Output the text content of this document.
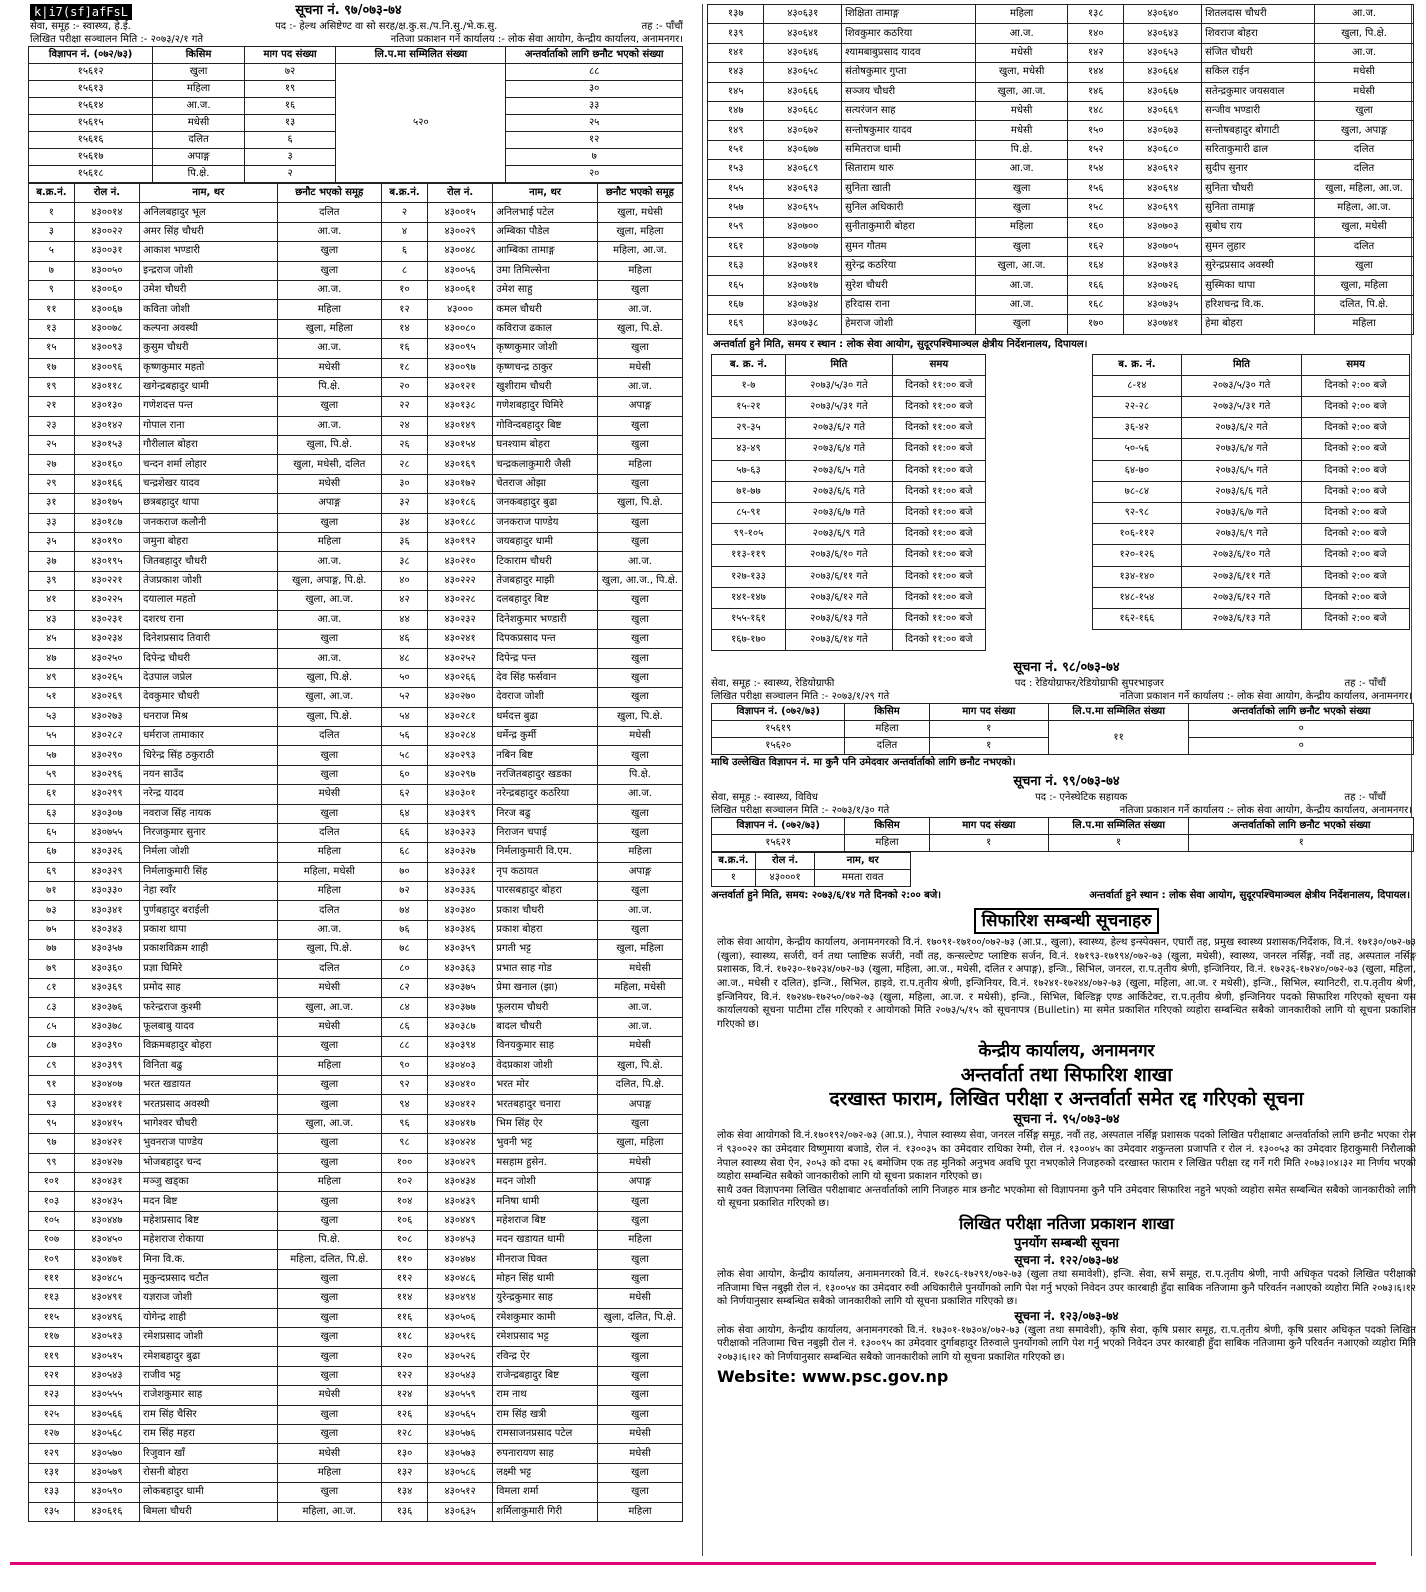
k|i7(sf]afFsL	सूचना नं. ९७/०७३-७४
सेवा, समूह :- स्वास्थ्य, हे.ई.	पद :- हेल्थ असिष्टेण्ट वा सो सरह/क्ष.कु.स./प.नि.सु./भे.क.सु.	तह :- पाँचौं
लिखित परीक्षा सञ्चालन मिति :- २०७३/२/१ गते	नतिजा प्रकाशन गर्ने कार्यालय :- लोक सेवा आयोग, केन्द्रीय कार्यालय, अनामनगर।
विज्ञापन नं. (०७२/७३)	किसिम	माग पद संख्या	लि.प.मा सम्मिलित संख्या	अन्तर्वार्ताको लागि छनौट भएको संख्या
१५६१२	खुला	७२	५२०	८८
१५६१३	महिला	१९		३०
१५६१४	आ.ज.	१६		३३
१५६१५	मधेसी	१३		२५
१५६१६	दलित	६		१२
१५६१७	अपाङ्ग	३		७
१५६१८	पि.क्षे.	२		२०
ब.क्र.नं.	रोल नं.	नाम, थर	छनौट भएको समूह	ब.क्र.नं.	रोल नं.	नाम, थर	छनौट भएको समूह
१	४३००१४	अनिलबहादुर भूल	दलित	२	४३००१५	अनिलभाई पटेल	खुला, मधेसी
३	४३००२२	अमर सिंह चौधरी	आ.ज.	४	४३००२९	अम्बिका पौडेल	खुला, महिला
५	४३००३१	आकाश भण्डारी	खुला	६	४३००४८	आम्बिका तामाङ्ग	महिला, आ.ज.
७	४३००५०	इन्द्रराज जोशी	खुला	८	४३००५६	उमा तिमिल्सेना	महिला
९	४३००६०	उमेश चौधरी	आ.ज.	१०	४३००६१	उमेश साहु	खुला
११	४३००६७	कविता जोशी	महिला	१२	४३०००	कमल चौधरी	आ.ज.
१३	४३००७८	कल्पना अवस्थी	खुला, महिला	१४	४३००८०	कविराज ढकाल	खुला, पि.क्षे.
१५	४३००९३	कुसुम चौधरी	आ.ज.	१६	४३००९५	कृष्णकुमार जोशी	खुला
१७	४३००९६	कृष्णकुमार महतो	मधेसी	१८	४३००९७	कृष्णचन्द्र ठाकुर	मधेसी
१९	४३०११८	खगेन्द्रबहादुर धामी	पि.क्षे.	२०	४३०१२१	खुशीराम चौधरी	आ.ज.
२१	४३०१३०	गणेशदत्त पन्त	खुला	२२	४३०१३८	गणेशबहादुर घिमिरे	अपाङ्ग
२३	४३०१४२	गोपाल राना	आ.ज.	२४	४३०१४९	गोविन्दबहादुर बिष्ट	खुला
२५	४३०१५३	गौरीलाल बोहरा	खुला, पि.क्षे.	२६	४३०१५४	घनश्याम बोहरा	खुला
२७	४३०१६०	चन्दन शर्मा लोहार	खुला, मधेसी, दलित	२८	४३०१६९	चन्द्रकलाकुमारी जैसी	महिला
२९	४३०१६६	चन्द्रशेखर यादव	मधेसी	३०	४३०१७२	चेतराज ओझा	खुला
३१	४३०१७५	छत्रबहादुर थापा	अपाङ्ग	३२	४३०१८६	जनकबहादुर बुढा	खुला, पि.क्षे.
३३	४३०१८७	जनकराज कलौनी	खुला	३४	४३०१८८	जनकराज पाण्डेय	खुला
३५	४३०१९०	जमुना बोहरा	महिला	३६	४३०१९२	जयबहादुर धामी	खुला
३७	४३०१९५	जितबहादुर चौधरी	आ.ज.	३८	४३०२१०	टिकाराम चौधरी	आ.ज.
३९	४३०२२१	तेजप्रकाश जोशी	खुला, अपाङ्ग, पि.क्षे.	४०	४३०२२२	तेजबहादुर माझी	खुला, आ.ज., पि.क्षे.
४१	४३०२२५	दयालाल महतो	खुला, आ.ज.	४२	४३०२२८	दलबहादुर बिष्ट	खुला
४३	४३०२३१	दशरथ राना	आ.ज.	४४	४३०२३२	दिनेशकुमार भण्डारी	खुला
४५	४३०२३४	दिनेशप्रसाद तिवारी	खुला	४६	४३०२४१	दिपकप्रसाद पन्त	खुला
४७	४३०२५०	दिपेन्द्र चौधरी	आ.ज.	४८	४३०२५२	दिपेन्द्र पन्त	खुला
४९	४३०२६५	देउपाल जप्रेल	खुला, पि.क्षे.	५०	४३०२६६	देव सिंह फर्सवान	खुला
५१	४३०२६९	देवकुमार चौधरी	खुला, आ.ज.	५२	४३०२७०	देवराज जोशी	खुला
५३	४३०२७३	धनराज मिश्र	खुला, पि.क्षे.	५४	४३०२८१	धर्मदत्त बुढा	खुला, पि.क्षे.
५५	४३०२८२	धर्मराज तामाकार	दलित	५६	४३०२८४	धर्मेन्द्र कुर्मी	मधेसी
५७	४३०२९०	धिरेन्द्र सिंह ठकुराठी	खुला	५८	४३०२९३	नबिन बिष्ट	खुला
५९	४३०२९६	नयन साउँद	खुला	६०	४३०२९७	नरजितबहादुर खडका	पि.क्षे.
६१	४३०२९९	नरेन्द्र यादव	मधेसी	६२	४३०३०१	नरेन्द्रबहादुर कठरिया	आ.ज.
६३	४३०३०७	नवराज सिंह नायक	खुला	६४	४३०३१९	निरज बढु	खुला
६५	४३०७५५	निरजकुमार सुनार	दलित	६६	४३०३२३	निराजन चपाई	खुला
६७	४३०३२६	निर्मला जोशी	महिला	६८	४३०३२७	निर्मलाकुमारी वि.एम.	महिला
६९	४३०३२९	निर्मलाकुमारी सिंह	महिला, मधेसी	७०	४३०३३१	नृप कठायत	अपाङ्ग
७१	४३०३३०	नेहा स्वाँर	महिला	७२	४३०३३६	पारसबहादुर बोहरा	खुला
७३	४३०३४१	पुर्णबहादुर बराईली	दलित	७४	४३०३४०	प्रकाश चौधरी	आ.ज.
७५	४३०३४३	प्रकाश थापा	आ.ज.	७६	४३०३४६	प्रकाश बोहरा	खुला
७७	४३०३५७	प्रकाशविक्रम शाही	खुला, पि.क्षे.	७८	४३०३५९	प्रगती भट्ट	खुला, महिला
७९	४३०३६०	प्रज्ञा घिमिरे	दलित	८०	४३०३६३	प्रभात साह गोड	मधेसी
८१	४३०३६९	प्रमोद साह	मधेसी	८२	४३०३७५	प्रेमा खनाल (झा)	महिला, मधेसी
८३	४३०३७६	फरेन्द्रराज कुश्मी	खुला, आ.ज.	८४	४३०३७७	फूलराम चौधरी	आ.ज.
८५	४३०३७८	फूलबाबु यादव	मधेसी	८६	४३०३८७	बादल चौधरी	आ.ज.
८७	४३०३९०	विक्रमबहादुर बोहरा	खुला	८८	४३०३९४	विनयकुमार साह	मधेसी
८९	४३०३९९	विनिता बढु	महिला	९०	४३०४०३	वेदप्रकाश जोशी	खुला, पि.क्षे.
९१	४३०४०७	भरत खडायत	खुला	९२	४३०४१०	भरत मोर	दलित, पि.क्षे.
९३	४३०४११	भरतप्रसाद अवस्थी	खुला	९४	४३०४१२	भरतबहादुर चनारा	अपाङ्ग
९५	४३०४१५	भागेश्वर चौधरी	खुला, आ.ज.	९६	४३०४१७	भिम सिंह ऐर	खुला
९७	४३०४२१	भुवनराज पाण्डेय	खुला	९८	४३०४२४	भुवनी भट्ट	खुला, महिला
९९	४३०४२७	भोजबहादुर चन्द	खुला	१००	४३०४२९	मसहाम हुसेन.	मधेसी
१०१	४३०४३१	मञ्जु खड्का	महिला	१०२	४३०४३४	मदन जोशी	अपाङ्ग
१०३	४३०४३५	मदन बिष्ट	खुला	१०४	४३०४३९	मनिषा धामी	खुला
१०५	४३०४४७	महेशप्रसाद बिष्ट	खुला	१०६	४३०४४९	महेशराज बिष्ट	खुला
१०७	४३०४५०	महेशराज रोकाया	पि.क्षे.	१०८	४३०४५३	मदन खडायत धामी	महिला
१०९	४३०४७१	मिना वि.क.	महिला, दलित, पि.क्षे.	११०	४३०४७४	मीनराज घिक्त	खुला
१११	४३०४८५	मुकुन्दप्रसाद चटौत	खुला	११२	४३०४८६	मोहन सिंह धामी	खुला
११३	४३०४९१	यज्ञराज जोशी	खुला	११४	४३०४९४	युरेन्द्रकुमार साह	मधेसी
११५	४३०४९६	योगेन्द्र शाही	खुला	११६	४३०५०६	रमेशकुमार कामी	खुला, दलित, पि.क्षे.
११७	४३०५१३	रमेशप्रसाद जोशी	खुला	११८	४३०५१६	रमेशप्रसाद भट्ट	खुला
११९	४३०५१५	रमेशबहादुर बुढा	खुला	१२०	४३०५२६	रविन्द्र ऐर	खुला
१२१	४३०५४३	राजीव भट्ट	खुला	१२२	४३०५४३	राजेन्द्रबहादुर बिष्ट	खुला
१२३	४३०५५५	राजेशकुमार साह	मधेसी	१२४	४३०५५९	राम नाथ	खुला
१२५	४३०५६६	राम सिंह चैसिर	खुला	१२६	४३०५६५	राम सिंह खत्री	खुला
१२७	४३०५६८	राम सिंह महरा	खुला	१२८	४३०५७६	रामसाजनप्रसाद पटेल	मधेसी
१२९	४३०५७०	रिजुवान खाँ	मधेसी	१३०	४३०५७३	रुपनारायण साह	मधेसी
१३१	४३०५७९	रोसनी बोहरा	महिला	१३२	४३०५८६	लक्ष्मी भट्ट	खुला
१३३	४३०५९०	लोकबहादुर धामी	खुला	१३४	४३०५१२	विमला शर्मा	खुला
१३५	४३०६१६	बिमला चौधरी	महिला, आ.ज.	१३६	४३०६३५	शर्मिलाकुमारी गिरी	महिला
१३७	४३०६३१	शिक्षिता तामाङ्ग	महिला	१३८	४३०६४०	शितलदास चौधरी	आ.ज.
१३९	४३०६४१	शिवकुमार कठरिया	आ.ज.	१४०	४३०६४३	शिवराज बोहरा	खुला, पि.क्षे.
१४१	४३०६४६	श्यामबाबुप्रसाद यादव	मधेसी	१४२	४३०६५३	संजित चौधरी	आ.ज.
१४३	४३०६५८	संतोषकुमार गुप्ता	खुला, मधेसी	१४४	४३०६६४	सकिल राईन	मधेसी
१४५	४३०६६६	सञ्जय चौधरी	खुला, आ.ज.	१४६	४३०६६७	सतेन्द्रकुमार जयसवाल	मधेसी
१४७	४३०६६८	सत्यरंजन साह	मधेसी	१४८	४३०६६९	सन्जीव भण्डारी	खुला
१४९	४३०६७२	सन्तोषकुमार यादव	मधेसी	१५०	४३०६७३	सन्तोषबहादुर बोगाटी	खुला, अपाङ्ग
१५१	४३०६७७	समितराज धामी	पि.क्षे.	१५२	४३०६८०	सरिताकुमारी ढाल	दलित
१५३	४३०६८९	सिताराम थारु	आ.ज.	१५४	४३०६९२	सुदीप सुनार	दलित
१५५	४३०६९३	सुनिता खाती	खुला	१५६	४३०६९४	सुनिता चौधरी	खुला, महिला, आ.ज.
१५७	४३०६९५	सुनिल अधिकारी	खुला	१५८	४३०६९९	सुनिता तामाङ्ग	महिला, आ.ज.
१५९	४३०७००	सुनीताकुमारी बोहरा	महिला	१६०	४३०७०३	सुबोध राय	खुला, मधेसी
१६१	४३०७०७	सुमन गौतम	खुला	१६२	४३०७०५	सुमन लुहार	दलित
१६३	४३०७११	सुरेन्द्र कठरिया	खुला, आ.ज.	१६४	४३०७१३	सुरेन्द्रप्रसाद अवस्थी	खुला
१६५	४३०७१७	सुरेश चौधरी	आ.ज.	१६६	४३०७२६	सुस्मिका थापा	खुला, महिला
१६७	४३०७३४	हरिदास राना	आ.ज.	१६८	४३०७३५	हरिशचन्द्र वि.क.	दलित, पि.क्षे.
१६९	४३०७३८	हेमराज जोशी	खुला	१७०	४३०७४१	हेमा बोहरा	महिला
अन्तर्वार्ता हुने मिति, समय र स्थान : लोक सेवा आयोग, सुदूरपश्चिमाञ्चल क्षेत्रीय निर्देशनालय, दिपायल।
ब. क्र. नं.	मिति	समय
१-७	२०७३/५/३० गते	दिनको ११:०० बजे
१५-२१	२०७३/५/३१ गते	दिनको ११:०० बजे
२९-३५	२०७३/६/२ गते	दिनको ११:०० बजे
४३-४९	२०७३/६/४ गते	दिनको ११:०० बजे
५७-६३	२०७३/६/५ गते	दिनको ११:०० बजे
७१-७७	२०७३/६/६ गते	दिनको ११:०० बजे
८५-९१	२०७३/६/७ गते	दिनको ११:०० बजे
९९-१०५	२०७३/६/९ गते	दिनको ११:०० बजे
११३-११९	२०७३/६/१० गते	दिनको ११:०० बजे
१२७-१३३	२०७३/६/११ गते	दिनको ११:०० बजे
१४१-१४७	२०७३/६/१२ गते	दिनको ११:०० बजे
१५५-१६१	२०७३/६/१३ गते	दिनको ११:०० बजे
१६७-१७०	२०७३/६/१४ गते	दिनको ११:०० बजे
ब. क्र. नं.	मिति	समय
८-१४	२०७३/५/३० गते	दिनको २:०० बजे
२२-२८	२०७३/५/३१ गते	दिनको २:०० बजे
३६-४२	२०७३/६/२ गते	दिनको २:०० बजे
५०-५६	२०७३/६/४ गते	दिनको २:०० बजे
६४-७०	२०७३/६/५ गते	दिनको २:०० बजे
७८-८४	२०७३/६/६ गते	दिनको २:०० बजे
९२-९८	२०७३/६/७ गते	दिनको २:०० बजे
१०६-११२	२०७३/६/९ गते	दिनको २:०० बजे
१२०-१२६	२०७३/६/१० गते	दिनको २:०० बजे
१३४-१४०	२०७३/६/११ गते	दिनको २:०० बजे
१४८-१५४	२०७३/६/१२ गते	दिनको २:०० बजे
१६२-१६६	२०७३/६/१३ गते	दिनको २:०० बजे
सूचना नं. ९८/०७३-७४
सेवा, समूह :- स्वास्थ्य, रेडियोग्राफी	पद : रेडियोग्राफर/रेडियोग्राफी सुपरभाइजर	तह :- पाँचौं
लिखित परीक्षा सञ्चालन मिति :- २०७३/१/२९ गते	नतिजा प्रकाशन गर्ने कार्यालय :- लोक सेवा आयोग, केन्द्रीय कार्यालय, अनामनगर।
विज्ञापन नं. (०७२/७३)	किसिम	माग पद संख्या	लि.प.मा सम्मिलित संख्या	अन्तर्वार्ताको लागि छनौट भएको संख्या
१५६१९	महिला	१	११	०
१५६२०	दलित	१		०
माथि उल्लेखित विज्ञापन नं. मा कुनै पनि उमेदवार अन्तर्वार्ताको लागि छनौट नभएको।
सूचना नं. ९९/०७३-७४
सेवा, समूह :- स्वास्थ्य, विविध	पद :- एनेस्थेटिक सहायक	तह :- पाँचौं
लिखित परीक्षा सञ्चालन मिति :- २०७३/१/३० गते	नतिजा प्रकाशन गर्ने कार्यालय :- लोक सेवा आयोग, केन्द्रीय कार्यालय, अनामनगर।
विज्ञापन नं. (०७२/७३)	किसिम	माग पद संख्या	लि.प.मा सम्मिलित संख्या	अन्तर्वार्ताको लागि छनौट भएको संख्या
१५६२१	महिला	१	१	१
ब.क्र.नं.	रोल नं.	नाम, थर
१	४३०००१	ममता रावत
अन्तर्वार्ता हुने मिति, समय: २०७३/६/१४ गते दिनको २:०० बजे।	अन्तर्वार्ता हुने स्थान : लोक सेवा आयोग, सुदूरपश्चिमाञ्चल क्षेत्रीय निर्देशनालय, दिपायल।
सिफारिश सम्बन्धी सूचनाहरु
लोक सेवा आयोग, केन्द्रीय कार्यालय, अनामनगरको वि.नं. १७०९१-१७१००/०७२-७३ (आ.प्र., खुला), स्वास्थ्य, हेल्थ इन्स्पेक्सन, एघारौं तह, प्रमुख स्वास्थ्य प्रशासक/निर्देशक, वि.नं. १७१३०/०७२-७३ (खुला), स्वास्थ्य, सर्जरी, वर्न तथा प्लाष्टिक सर्जरी, नवौं तह, कन्सल्टेण्ट प्लाष्टिक सर्जन, वि.नं. १७१९३-१७१९४/०७२-७३ (खुला, मधेसी), स्वास्थ्य, जनरल नर्सिङ्ग, नवौं तह, अस्पताल नर्सिङ्ग प्रशासक, वि.नं. १७२३०-१७२३४/०७२-७३ (खुला, महिला, आ.ज., मधेसी, दलित र अपाङ्ग), इन्जि., सिभिल, जनरल, रा.प.तृतीय श्रेणी, इन्जिनियर, वि.नं. १७२३६-१७२४०/०७२-७३ (खुला, महिला, आ.ज., मधेसी र दलित), इन्जि., सिभिल, हाइवे, रा.प.तृतीय श्रेणी, इन्जिनियर, वि.नं. १७२४१-१७२४४/०७२-७३ (खुला, महिला, आ.ज. र मधेसी), इन्जि., सिभिल, स्यानिटरी, रा.प.तृतीय श्रेणी, इन्जिनियर, वि.नं. १७२४७-१७२५०/०७२-७३ (खुला, महिला, आ.ज. र मधेसी), इन्जि., सिभिल, बिल्डिङ्ग एण्ड आर्किटेक्ट, रा.प.तृतीय श्रेणी, इन्जिनियर पदको सिफारिश गरिएको सूचना यस कार्यालयको सूचना पाटीमा टाँस गरिएको र आयोगको मिति २०७३/५/१५ को सूचनापत्र (Bulletin) मा समेत प्रकाशित गरिएको व्यहोरा सम्बन्धित सबैको जानकारीको लागि यो सूचना प्रकाशित गरिएको छ।
केन्द्रीय कार्यालय, अनामनगर
अन्तर्वार्ता तथा सिफारिश शाखा
दरखास्त फाराम, लिखित परीक्षा र अन्तर्वार्ता समेत रद्द गरिएको सूचना
सूचना नं. ९५/०७३-७४
लोक सेवा आयोगको वि.नं.१७०१९२/०७२-७३ (आ.प्र.), नेपाल स्वास्थ्य सेवा, जनरल नर्सिङ्ग समूह, नवौं तह, अस्पताल नर्सिङ्ग प्रशासक पदको लिखित परीक्षाबाट अन्तर्वार्ताको लागि छनौट भएका रोल नं ९३००२२ का उमेदवार विष्णुमाया बजाडे, रोल नं. १३००३५ का उमेदवार राधिका रेग्मी, रोल नं. १३००४५ का उमेदवार शकुन्तला प्रजापति र रोल नं. १३००५३ का उमेदवार हिराकुमारी निरौलाको नेपाल स्वास्थ्य सेवा ऐन, २०५३ को दफा २६ बमोजिम एक तह मुनिको अनुभव अवधि पूरा नभएकोले निजहरुको दरखास्त फाराम र लिखित परीक्षा रद्द गर्ने गरी मिति २०७३।०४।३२ मा निर्णय भएको व्यहोरा सम्बन्धित सबैको जानकारीको लागि यो सूचना प्रकाशन गरिएको छ।
साथै उक्त विज्ञापनमा लिखित परीक्षाबाट अन्तर्वार्ताको लागि निजहरु मात्र छनौट भएकोमा सो विज्ञापनमा कुनै पनि उमेदवार सिफारिश नहुने भएको व्यहोरा समेत सम्बन्धित सबैको जानकारीको लागि यो सूचना प्रकाशित गरिएको छ।
लिखित परीक्षा नतिजा प्रकाशन शाखा
पुनर्योग सम्बन्धी सूचना
सूचना नं. १२२/०७३-७४
लोक सेवा आयोग, केन्द्रीय कार्यालय, अनामनगरको वि.नं. १७२८६-१७२९१/०७२-७३ (खुला तथा समावेशी), इन्जि. सेवा, सर्भे समूह, रा.प.तृतीय श्रेणी, नापी अधिकृत पदको लिखित परीक्षाको नतिजामा चित्त नबुझी रोल नं. १३००५४ का उमेदवार रुवी अधिकारीले पुनर्योगको लागि पेश गर्नु भएको निवेदन उपर कारबाही हुँदा साबिक नतिजामा कुनै परिवर्तन नआएको व्यहोरा मिति २०७३।६।१२ को निर्णयानुसार सम्बन्धित सबैको जानकारीको लागि यो सूचना प्रकाशित गरिएको छ।
सूचना नं. १२३/०७३-७४
लोक सेवा आयोग, केन्द्रीय कार्यालय, अनामनगरको वि.नं. १७३०१-१७३०४/०७२-७३ (खुला तथा समावेशी), कृषि सेवा, कृषि प्रसार समूह, रा.प.तृतीय श्रेणी, कृषि प्रसार अधिकृत पदको लिखित परीक्षाको नतिजामा चित्त नबुझी रोल नं. १३००९५ का उमेदवार दुर्गाबहादुर तिरुवाले पुनर्योगको लागि पेश गर्नु भएको निवेदन उपर कारबाही हुँदा साबिक नतिजामा कुनै परिवर्तन नआएको व्यहोरा मिति २०७३।६।१२ को निर्णयानुसार सम्बन्धित सबैको जानकारीको लागि यो सूचना प्रकाशित गरिएको छ।
Website: www.psc.gov.np
